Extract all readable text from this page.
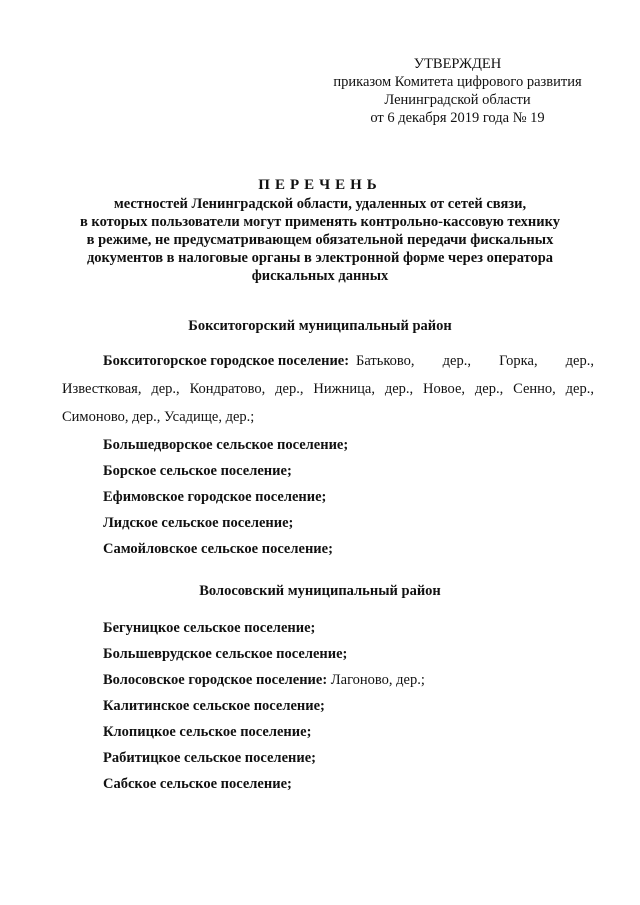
УТВЕРЖДЕН
приказом Комитета цифрового развития
Ленинградской области
от 6 декабря 2019 года № 19
ПЕРЕЧЕНЬ
местностей Ленинградской области, удаленных от сетей связи,
в которых пользователи могут применять контрольно-кассовую технику
в режиме, не предусматривающем обязательной передачи фискальных
документов в налоговые органы в электронной форме через оператора
фискальных данных
Бокситогорский муниципальный район
Бокситогорское городское поселение: Батьково, дер., Горка, дер.,
Известковая, дер., Кондратово, дер., Нижница, дер., Новое, дер., Сенно, дер.,
Симоново, дер., Усадище, дер.;
Большедворское сельское поселение;
Борское сельское поселение;
Ефимовское городское поселение;
Лидское сельское поселение;
Самойловское сельское поселение;
Волосовский муниципальный район
Бегуницкое сельское поселение;
Большеврудское сельское поселение;
Волосовское городское поселение: Лагоново, дер.;
Калитинское сельское поселение;
Клопицкое сельское поселение;
Рабитицкое сельское поселение;
Сабское сельское поселение;
